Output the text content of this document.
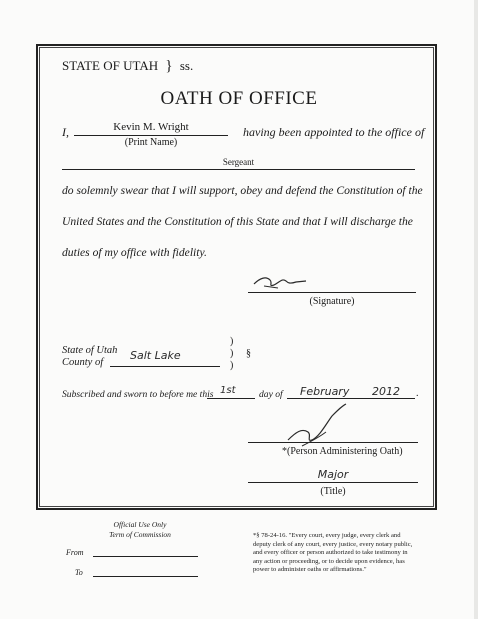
STATE OF UTAH } ss.
OATH OF OFFICE
I,	Kevin M. Wright
(Print Name)
having been appointed to the office of
Sergeant
do solemnly swear that I will support, obey and defend the Constitution of the
United States and the Constitution of this State and that I will discharge the
duties of my office with fidelity.
(Signature)
State of Utah
County of
Salt Lake
)
)
)
§
Subscribed and sworn to before me this 1st day of February 2012 .
*(Person Administering Oath)
Major
(Title)
Official Use Only
Term of Commission
From
To
*§ 78-24-16. "Every court, every judge, every clerk and
deputy clerk of any court, every justice, every notary public,
and every officer or person authorized to take testimony in
any action or proceeding, or to decide upon evidence, has
power to administer oaths or affirmations."
